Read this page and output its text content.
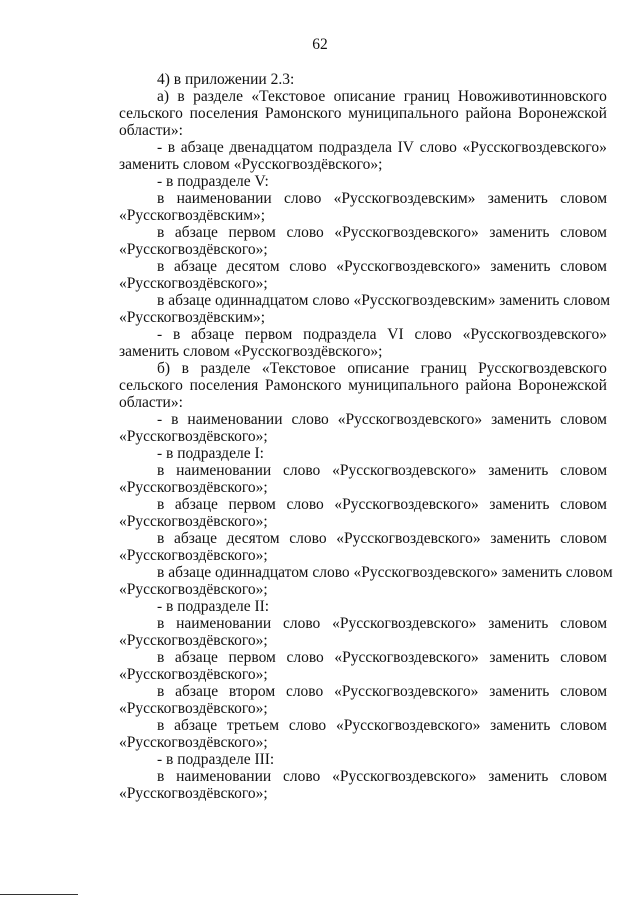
62
4) в приложении 2.3:
а) в разделе «Текстовое описание границ Новоживотинновского
сельского поселения Рамонского муниципального района Воронежской
области»:
- в абзаце двенадцатом подраздела IV слово «Русскогвоздевского»
заменить словом «Русскогвоздёвского»;
- в подразделе V:
в наименовании слово «Русскогвоздевским» заменить словом
«Русскогвоздёвским»;
в абзаце первом слово «Русскогвоздевского» заменить словом
«Русскогвоздёвского»;
в абзаце десятом слово «Русскогвоздевского» заменить словом
«Русскогвоздёвского»;
в абзаце одиннадцатом слово «Русскогвоздевским» заменить словом
«Русскогвоздёвским»;
- в абзаце первом подраздела VI слово «Русскогвоздевского»
заменить словом «Русскогвоздёвского»;
б) в разделе «Текстовое описание границ Русскогвоздевского
сельского поселения Рамонского муниципального района Воронежской
области»:
- в наименовании слово «Русскогвоздевского» заменить словом
«Русскогвоздёвского»;
- в подразделе I:
в наименовании слово «Русскогвоздевского» заменить словом
«Русскогвоздёвского»;
в абзаце первом слово «Русскогвоздевского» заменить словом
«Русскогвоздёвского»;
в абзаце десятом слово «Русскогвоздевского» заменить словом
«Русскогвоздёвского»;
в абзаце одиннадцатом слово «Русскогвоздевского» заменить словом
«Русскогвоздёвского»;
- в подразделе II:
в наименовании слово «Русскогвоздевского» заменить словом
«Русскогвоздёвского»;
в абзаце первом слово «Русскогвоздевского» заменить словом
«Русскогвоздёвского»;
в абзаце втором слово «Русскогвоздевского» заменить словом
«Русскогвоздёвского»;
в абзаце третьем слово «Русскогвоздевского» заменить словом
«Русскогвоздёвского»;
- в подразделе III:
в наименовании слово «Русскогвоздевского» заменить словом
«Русскогвоздёвского»;
